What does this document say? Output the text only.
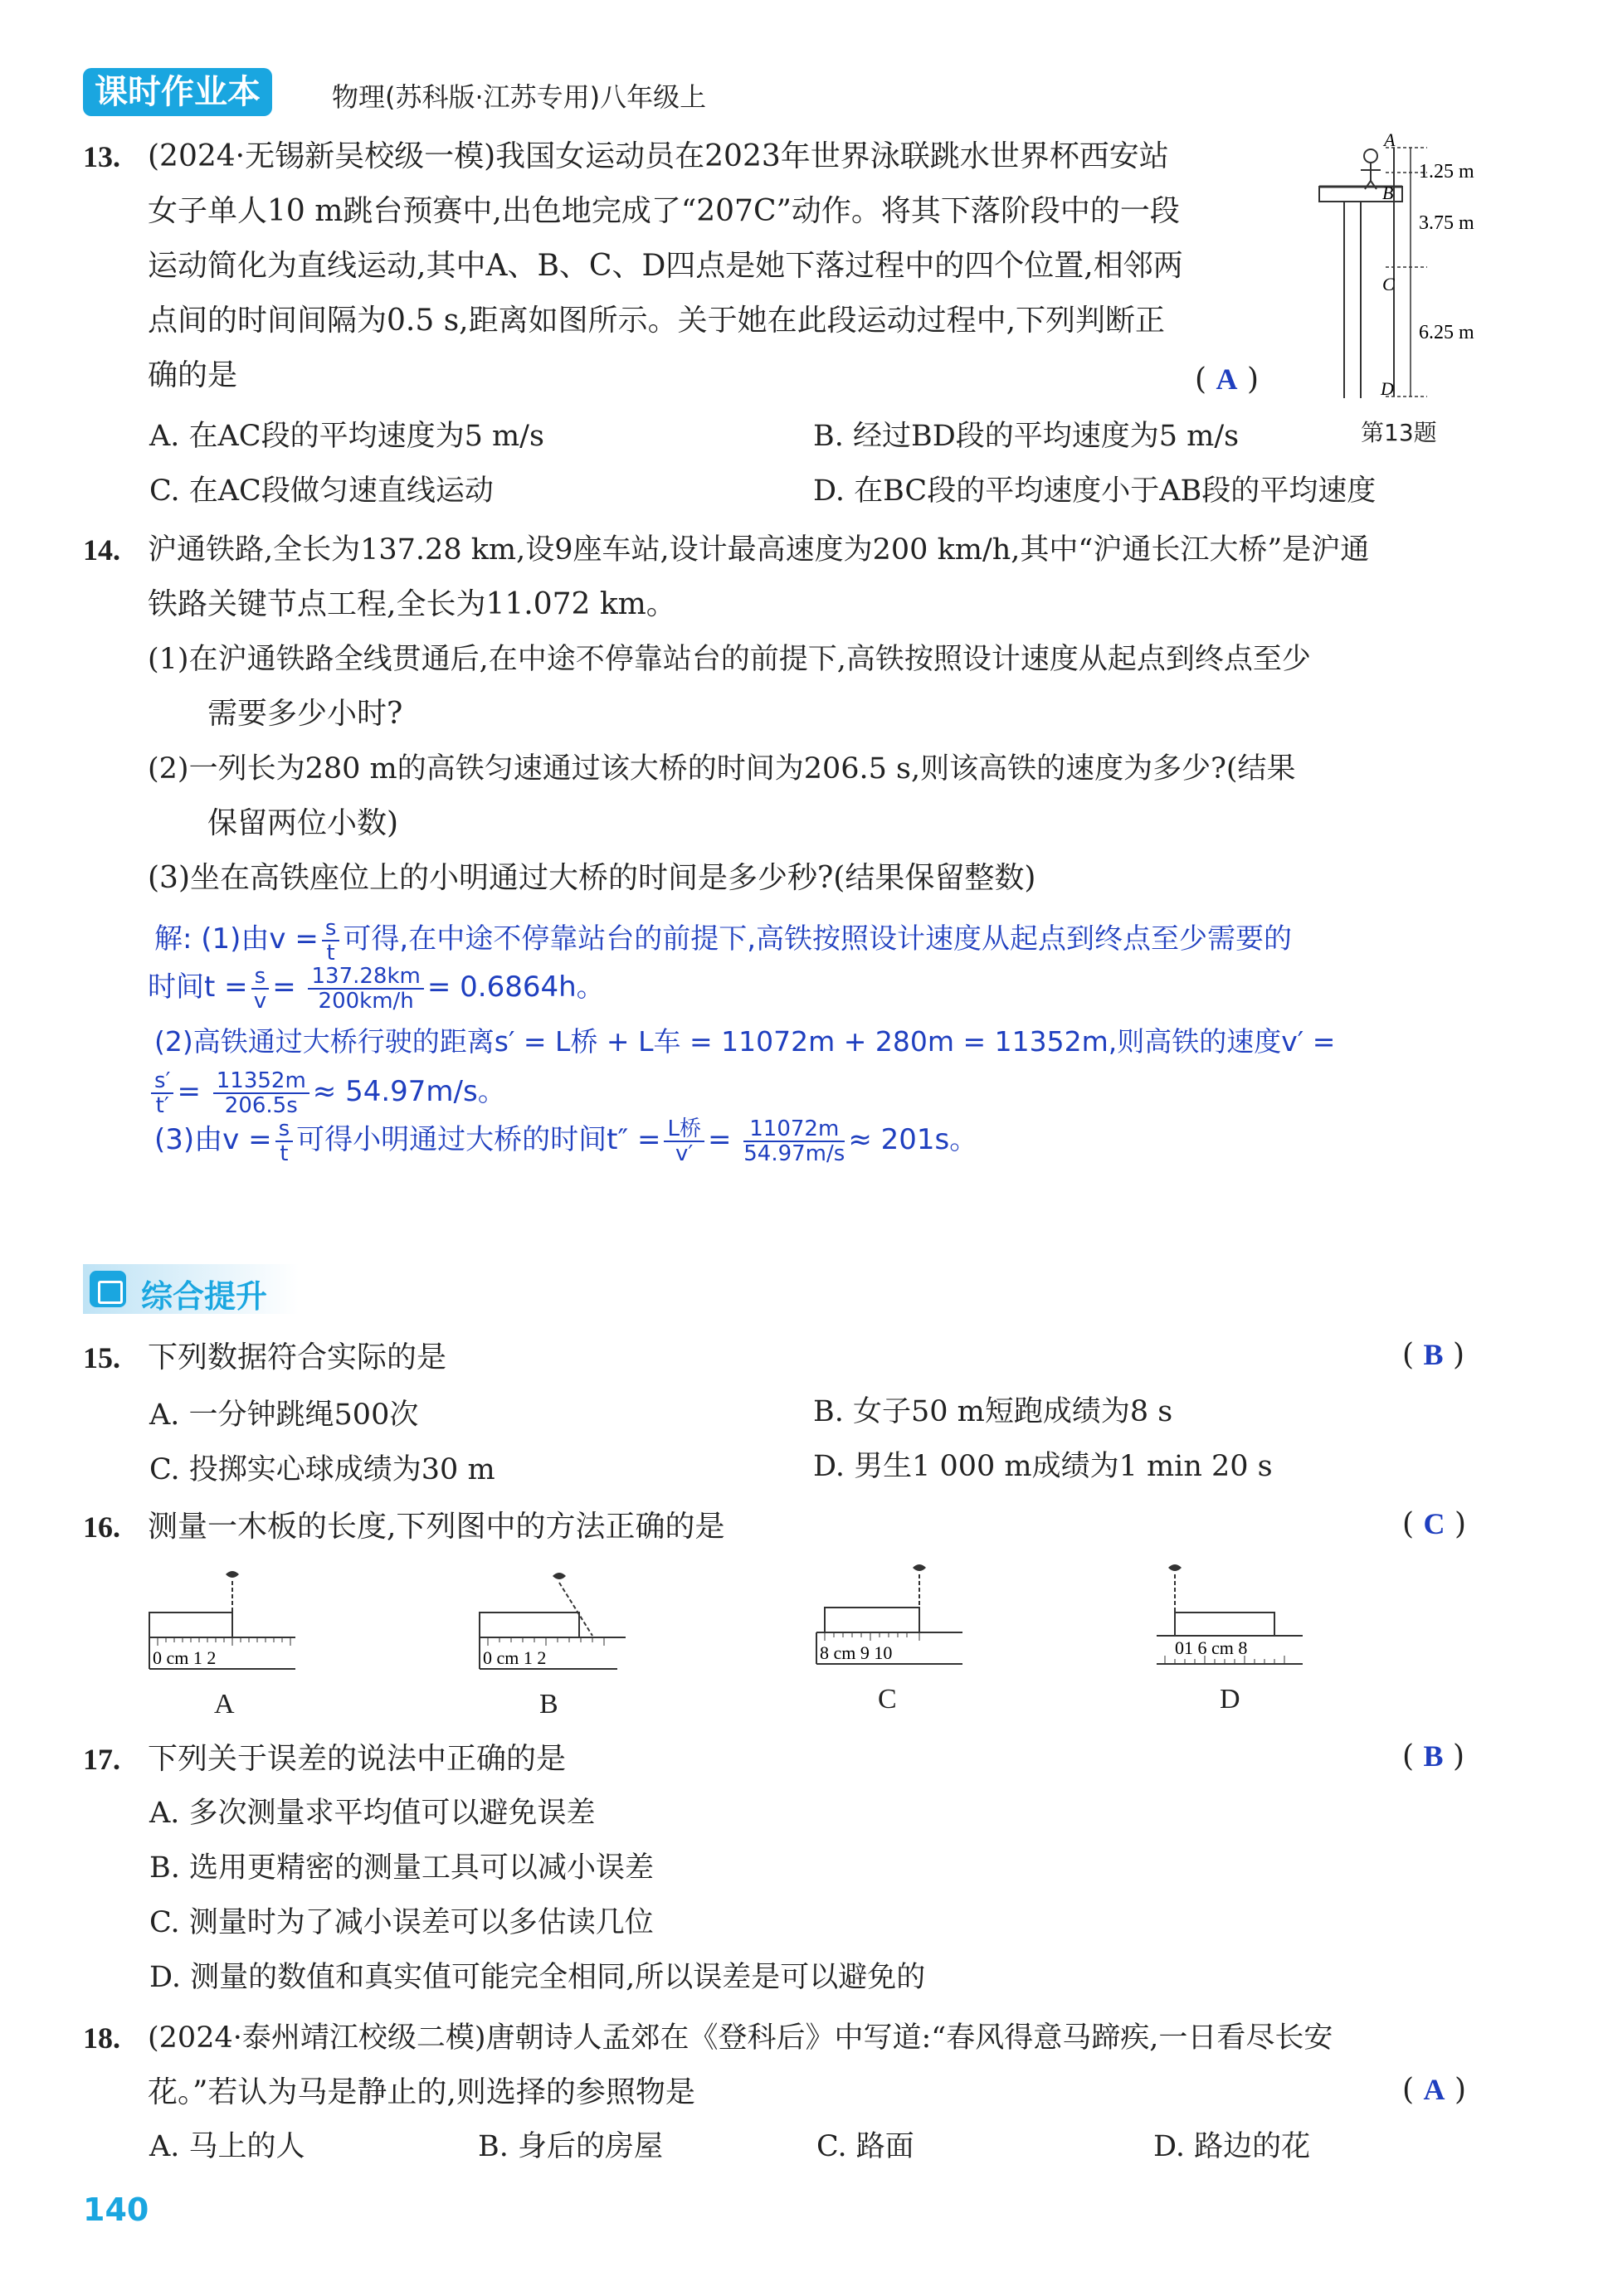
课时作业本	物理(苏科版·江苏专用)八年级上
13. (2024·无锡新吴校级一模)我国女运动员在2023年世界泳联跳水世界杯西安站
女子单人10 m跳台预赛中,出色地完成了“207C”动作。将其下落阶段中的一段
运动简化为直线运动,其中A、B、C、D四点是她下落过程中的四个位置,相邻两
点间的时间间隔为0.5 s,距离如图所示。关于她在此段运动过程中,下列判断正
确的是	( A )
A. 在AC段的平均速度为5 m/s	B. 经过BD段的平均速度为5 m/s
C. 在AC段做匀速直线运动	D. 在BC段的平均速度小于AB段的平均速度
A
B
C
D
1.25 m
3.75 m
6.25 m
第13题
14. 沪通铁路,全长为137.28 km,设9座车站,设计最高速度为200 km/h,其中“沪通长江大桥”是沪通
铁路关键节点工程,全长为11.072 km。
(1)在沪通铁路全线贯通后,在中途不停靠站台的前提下,高铁按照设计速度从起点到终点至少
需要多少小时?
(2)一列长为280 m的高铁匀速通过该大桥的时间为206.5 s,则该高铁的速度为多少?(结果
保留两位小数)
(3)坐在高铁座位上的小明通过大桥的时间是多少秒?(结果保留整数)
解: (1)由$v = \frac{s}{t}$ 可得,在中途不停靠站台的前提下,高铁按照设计速度从起点到终点至少需要的
时间$t = \frac{s}{v} = \frac{137.28km}{200km/h} = 0.6864h$。
(2)高铁通过大桥行驶的距离s′ = L桥 + L车 = 11072m + 280m = 11352m,则高铁的速度v′ =
$\frac{s'}{t'} = \frac{11352m}{206.5s} \approx 54.97m/s$。
(3)由$v = \frac{s}{t}$ 可得小明通过大桥的时间$t'' = \frac{\text{L桥}}{v'} = \frac{11072m}{54.97m/s} \approx 201s$。
综合提升
15. 下列数据符合实际的是	( B )
A. 一分钟跳绳500次	B. 女子50 m短跑成绩为8 s
C. 投掷实心球成绩为30 m	D. 男生1 000 m成绩为1 min 20 s
16. 测量一木板的长度,下列图中的方法正确的是	( C )
0 cm 1 2
A
0 cm 1 2
B
8 cm 9 10
C
01 6 cm 8
D
17. 下列关于误差的说法中正确的是	( B )
A. 多次测量求平均值可以避免误差
B. 选用更精密的测量工具可以减小误差
C. 测量时为了减小误差可以多估读几位
D. 测量的数值和真实值可能完全相同,所以误差是可以避免的
18. (2024·泰州靖江校级二模)唐朝诗人孟郊在《登科后》中写道:“春风得意马蹄疾,一日看尽长安
花。”若认为马是静止的,则选择的参照物是	( A )
A. 马上的人	B. 身后的房屋	C. 路面	D. 路边的花
140
